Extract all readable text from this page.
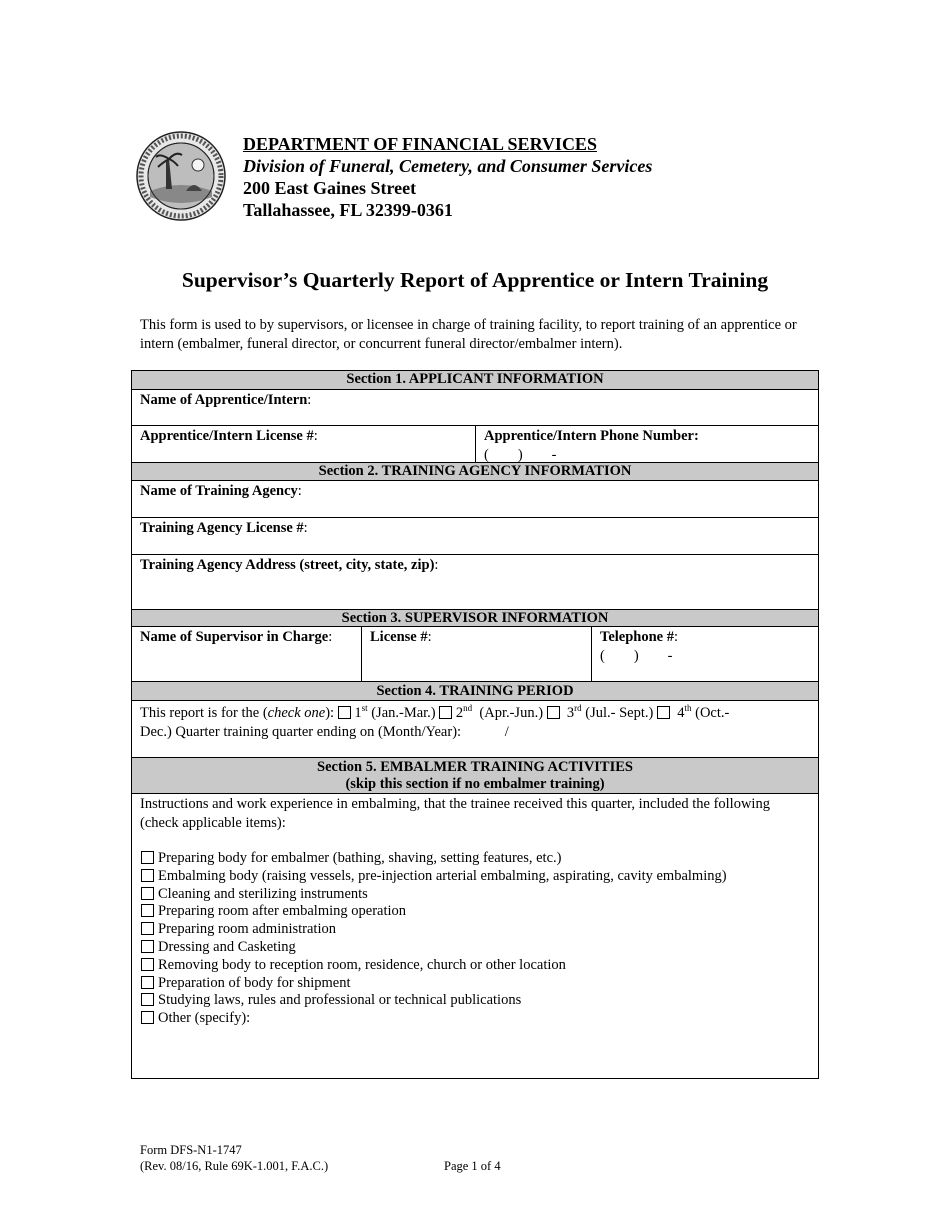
DEPARTMENT OF FINANCIAL SERVICES
Division of Funeral, Cemetery, and Consumer Services
200 East Gaines Street
Tallahassee, FL 32399-0361
Supervisor’s Quarterly Report of Apprentice or Intern Training
This form is used to by supervisors, or licensee in charge of training facility, to report training of an apprentice or intern (embalmer, funeral director, or concurrent funeral director/embalmer intern).
Section 1. APPLICANT INFORMATION
Name of Apprentice/Intern:
Apprentice/Intern License #:	Apprentice/Intern Phone Number:
(        )        -
Section 2. TRAINING AGENCY INFORMATION
Name of Training Agency:
Training Agency License #:
Training Agency Address (street, city, state, zip):
Section 3. SUPERVISOR INFORMATION
Name of Supervisor in Charge:	License #:	Telephone #:
(        )        -
Section 4. TRAINING PERIOD
This report is for the (check one): 1st (Jan.-Mar.) 2nd  (Apr.-Jun.) 3rd (Jul.- Sept.) 4th (Oct.-
Dec.) Quarter training quarter ending on (Month/Year):	/
Section 5. EMBALMER TRAINING ACTIVITIES
(skip this section if no embalmer training)
Instructions and work experience in embalming, that the trainee received this quarter, included the following (check applicable items):
Preparing body for embalmer (bathing, shaving, setting features, etc.)
Embalming body (raising vessels, pre-injection arterial embalming, aspirating, cavity embalming)
Cleaning and sterilizing instruments
Preparing room after embalming operation
Preparing room administration
Dressing and Casketing
Removing body to reception room, residence, church or other location
Preparation of body for shipment
Studying laws, rules and professional or technical publications
Other (specify):
Form DFS-N1-1747
(Rev. 08/16, Rule 69K-1.001, F.A.C.)	Page 1 of 4
